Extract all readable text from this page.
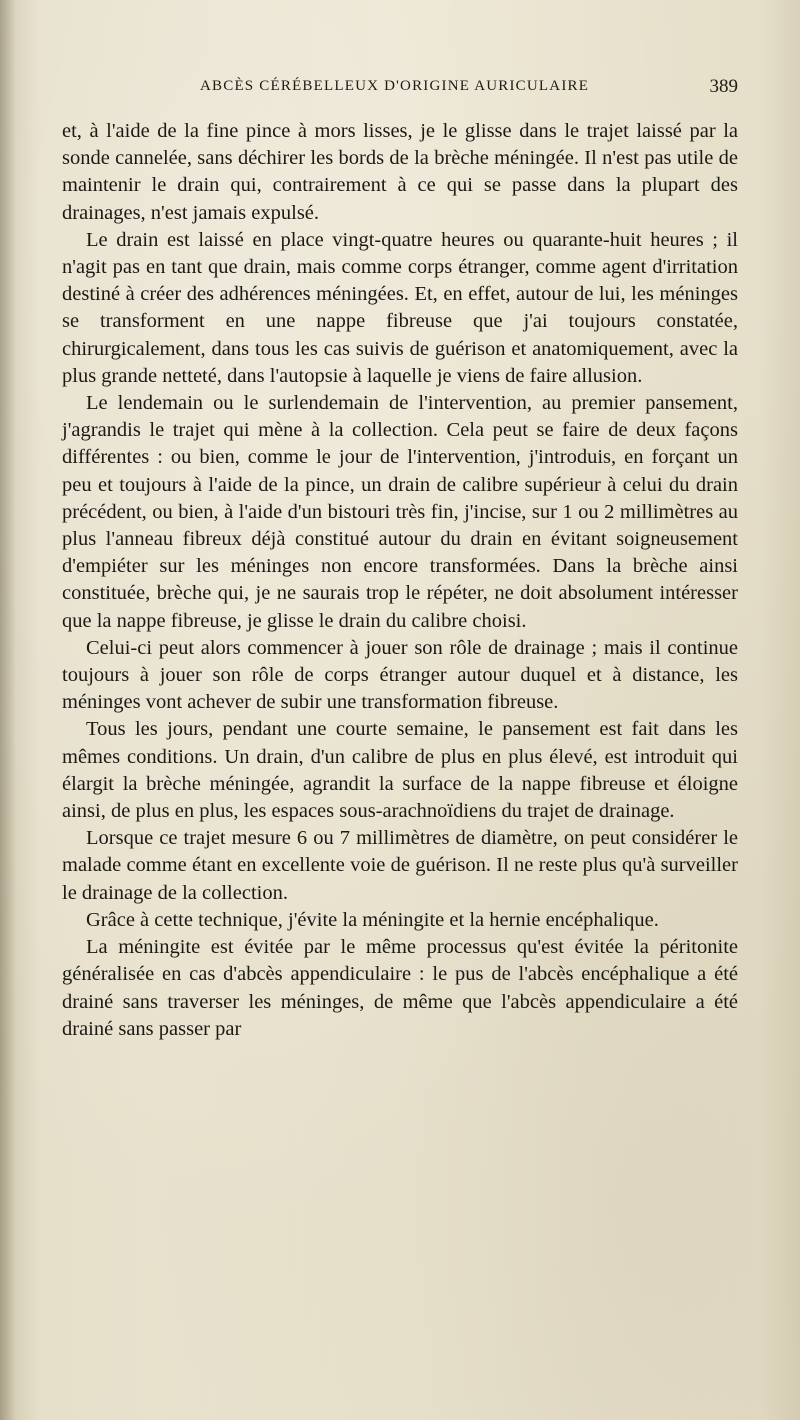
ABCÈS CÉRÉBELLEUX D'ORIGINE AURICULAIRE	389

et, à l'aide de la fine pince à mors lisses, je le glisse dans le trajet laissé par la sonde cannelée, sans déchirer les bords de la brèche méningée. Il n'est pas utile de maintenir le drain qui, contrairement à ce qui se passe dans la plupart des drainages, n'est jamais expulsé.

Le drain est laissé en place vingt-quatre heures ou quarante-huit heures ; il n'agit pas en tant que drain, mais comme corps étranger, comme agent d'irritation destiné à créer des adhérences méningées. Et, en effet, autour de lui, les méninges se transforment en une nappe fibreuse que j'ai toujours constatée, chirurgicalement, dans tous les cas suivis de guérison et anatomiquement, avec la plus grande netteté, dans l'autopsie à laquelle je viens de faire allusion.

Le lendemain ou le surlendemain de l'intervention, au premier pansement, j'agrandis le trajet qui mène à la collection. Cela peut se faire de deux façons différentes : ou bien, comme le jour de l'intervention, j'introduis, en forçant un peu et toujours à l'aide de la pince, un drain de calibre supérieur à celui du drain précédent, ou bien, à l'aide d'un bistouri très fin, j'incise, sur 1 ou 2 millimètres au plus l'anneau fibreux déjà constitué autour du drain en évitant soigneusement d'empiéter sur les méninges non encore transformées. Dans la brèche ainsi constituée, brèche qui, je ne saurais trop le répéter, ne doit absolument intéresser que la nappe fibreuse, je glisse le drain du calibre choisi.

Celui-ci peut alors commencer à jouer son rôle de drainage ; mais il continue toujours à jouer son rôle de corps étranger autour duquel et à distance, les méninges vont achever de subir une transformation fibreuse.

Tous les jours, pendant une courte semaine, le pansement est fait dans les mêmes conditions. Un drain, d'un calibre de plus en plus élevé, est introduit qui élargit la brèche méningée, agrandit la surface de la nappe fibreuse et éloigne ainsi, de plus en plus, les espaces sous-arachnoïdiens du trajet de drainage.

Lorsque ce trajet mesure 6 ou 7 millimètres de diamètre, on peut considérer le malade comme étant en excellente voie de guérison. Il ne reste plus qu'à surveiller le drainage de la collection.

Grâce à cette technique, j'évite la méningite et la hernie encéphalique.

La méningite est évitée par le même processus qu'est évitée la péritonite généralisée en cas d'abcès appendiculaire : le pus de l'abcès encéphalique a été drainé sans traverser les méninges, de même que l'abcès appendiculaire a été drainé sans passer par
